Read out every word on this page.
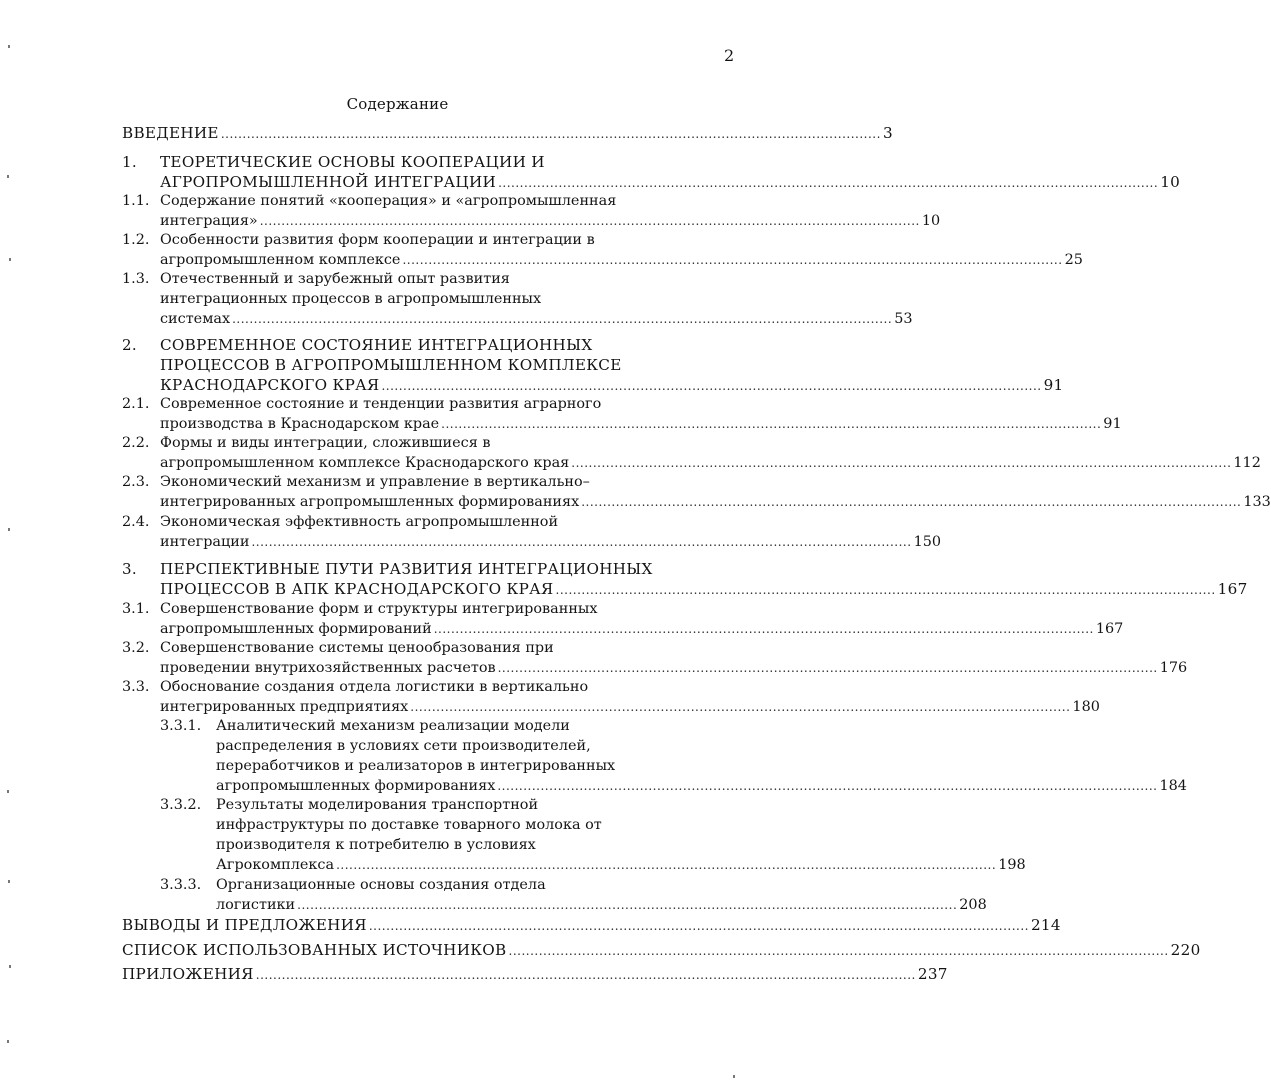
2
Содержание
ВВЕДЕНИЕ ......................................................................................................................................................... 3
1. ТЕОРЕТИЧЕСКИЕ ОСНОВЫ КООПЕРАЦИИ И
АГРОПРОМЫШЛЕННОЙ ИНТЕГРАЦИИ ......................................................................................................................................................... 10
1.1. Содержание понятий «кооперация» и «агропромышленная
интеграция» ......................................................................................................................................................... 10
1.2. Особенности развития форм кооперации и интеграции в
агропромышленном комплексе ......................................................................................................................................................... 25
1.3. Отечественный и зарубежный опыт развития
интеграционных процессов в агропромышленных
системах ......................................................................................................................................................... 53
2. СОВРЕМЕННОЕ СОСТОЯНИЕ ИНТЕГРАЦИОННЫХ
ПРОЦЕССОВ В АГРОПРОМЫШЛЕННОМ КОМПЛЕКСЕ
КРАСНОДАРСКОГО КРАЯ ......................................................................................................................................................... 91
2.1. Современное состояние и тенденции развития аграрного
производства в Краснодарском крае ......................................................................................................................................................... 91
2.2. Формы и виды интеграции, сложившиеся в
агропромышленном комплексе Краснодарского края ......................................................................................................................................................... 112
2.3. Экономический механизм и управление в вертикально–
интегрированных агропромышленных формированиях ......................................................................................................................................................... 133
2.4. Экономическая эффективность агропромышленной
интеграции ......................................................................................................................................................... 150
3. ПЕРСПЕКТИВНЫЕ ПУТИ РАЗВИТИЯ ИНТЕГРАЦИОННЫХ
ПРОЦЕССОВ В АПК КРАСНОДАРСКОГО КРАЯ ......................................................................................................................................................... 167
3.1. Совершенствование форм и структуры интегрированных
агропромышленных формирований ......................................................................................................................................................... 167
3.2. Совершенствование системы ценообразования при
проведении внутрихозяйственных расчетов ......................................................................................................................................................... 176
3.3. Обоснование создания отдела логистики в вертикально
интегрированных предприятиях ......................................................................................................................................................... 180
3.3.1. Аналитический механизм реализации модели
распределения в условиях сети производителей,
переработчиков и реализаторов в интегрированных
агропромышленных формированиях ......................................................................................................................................................... 184
3.3.2. Результаты моделирования транспортной
инфраструктуры по доставке товарного молока от
производителя к потребителю в условиях
Агрокомплекса ......................................................................................................................................................... 198
3.3.3. Организационные основы создания отдела
логистики ......................................................................................................................................................... 208
ВЫВОДЫ И ПРЕДЛОЖЕНИЯ ......................................................................................................................................................... 214
СПИСОК ИСПОЛЬЗОВАННЫХ ИСТОЧНИКОВ ......................................................................................................................................................... 220
ПРИЛОЖЕНИЯ ......................................................................................................................................................... 237
